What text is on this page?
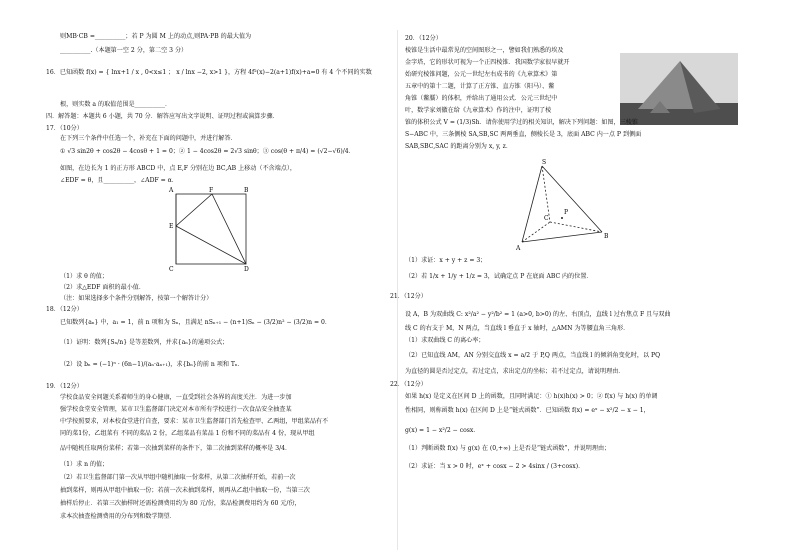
则MB·CB =__________；若 P 为圆 M 上的动点,则PA·PB 的最大值为
__________.（本题第一空 2 分，第二空 3 分）
16．已知函数 f(x) = { lnx+1 / x , 0<x≤1 ； x / lnx −2, x>1 }，方程 4f²(x)−2(a+1)f(x)+a=0 有 4 个不同的实数
根，则实数 a 的取值范围是__________．
四．解答题：本题共 6 小题，共 70 分．解答应写出文字说明、证明过程或演算步骤．
17．（10分）
在下列三个条件中任选一个，补充在下面的问题中，并进行解答．
① √3 sin2θ + cos2θ − 4cosθ + 1 = 0；② 1 − 4cos2θ = 2√3 sinθ；③ cos(θ + π/4) = (√2−√6)/4．
如图，在边长为 1 的正方形 ABCD 中，点 E,F 分别在边 BC,AB 上移动（不含端点），
∠EDF = θ，且__________，∠ADF = α．
F	B
A
E
C	D
（1）求 θ 的值；
（2）求△EDF 面积的最小值．
（注：如果选择多个条件分别解答，按第一个解答计分）
18．（12分）
已知数列{aₙ} 中，a₁ = 1，前 n 项和为 Sₙ，且满足 nSₙ₊₁ − (n+1)Sₙ − (3/2)n² − (3/2)n = 0．
（1）证明：数列{Sₙ/n} 是等差数列，并求{aₙ}的通项公式；
（2）设 bₙ = (−1)ⁿ · (6n−1)/(aₙ·aₙ₊₁)，求{bₙ}的前 n 项和 Tₙ．
19．（12分）
学校食品安全问题关系着师生的身心健康，一直受到社会各界的高度关注．为进一步加
强学校食堂安全管理，某市卫生监督部门决定对本市所有学校进行一次食品安全抽查某
中学按照要求，对本校食堂进行自查，要求：某市卫生监督部门首先检查甲、乙两组，甲组菜品有不
同的菜1份，乙组菜有 不同的菜品 2 份，乙组菜品有菜品 1 份和不同的菜品有 4 份，现从甲组
品中随机任取两份菜样；若第一次抽到菜样的条件下，第二次抽到菜样的概率是 3/4．
（1）求 n 的值；
（2）若卫生监督部门第一次从甲组中随机抽取一份菜样，从第二次抽样开始，若前一次
抽到菜样，则再从甲组中抽取一份；若前一次未抽到菜样，则再从乙组中抽取一份，当第三次
抽样后停止．若第三次抽样时还需检测费用约为 80 元/份，菜品检测费用约为 60 元/份，
求本次抽查检测费用的分布列和数学期望．
20．（12分）
棱锥是生活中最常见的空间图形之一，譬如我们熟悉的埃及
金字塔，它的形状可视为一个正四棱锥．我国数学家很早就开
始研究棱锥问题，公元一世纪左右成书的《九章算术》第
五章中的第十二题，计算了正方锥、直方锥（阳马）、鳖
角锥（鳖臑）的体积，并给出了通用公式．公元三世纪中
叶，数学家刘徽在给《九章算术》作的注中，证明了棱
锥的体积公式 V = (1/3)Sh．请你使用学过的相关知识，解决下列问题：如图，三棱锥
S−ABC 中，三条侧棱 SA,SB,SC 两两垂直，侧棱长是 3，底面 ABC 内一点 P 到侧面
SAB,SBC,SAC 的距离分别为 x, y, z．
S
A
B
C
P
（1）求证：x + y + z = 3；
（2）若 1/x + 1/y + 1/z = 3，试确定点 P 在底面 ABC 内的位置．
21．（12分）
设 A，B 为双曲线 C: x²/a² − y²/b² = 1 (a>0, b>0) 的左、右顶点，直线 l 过右焦点 F 且与双曲
线 C 的右支于 M，N 两点，当直线 l 垂直于 x 轴时，△AMN 为等腰直角三角形．
（1）求双曲线 C 的离心率；
（2）已知直线 AM，AN 分别交直线 x = a/2 于 P,Q 两点，当直线 l 的倾斜角变化时，以 PQ
为直径的圆是否过定点，若过定点，求出定点的坐标；若不过定点，请说明理由．
22．（12分）
如果 h(x) 是定义在区间 D 上的函数，且同时满足：① h(x)h(x) > 0；② f(x) 与 h(x) 的单调
性相同，则称函数 h(x) 在区间 D 上是“链式函数”．已知函数 f(x) = eˣ − x²/2 − x − 1，
g(x) = 1 − x²/2 − cosx．
（1）判断函数 f(x) 与 g(x) 在 (0,+∞) 上是否是“链式函数”，并说明理由；
（2）求证：当 x > 0 时，eˣ + cosx − 2 > 4sinx / (3+cosx)．
